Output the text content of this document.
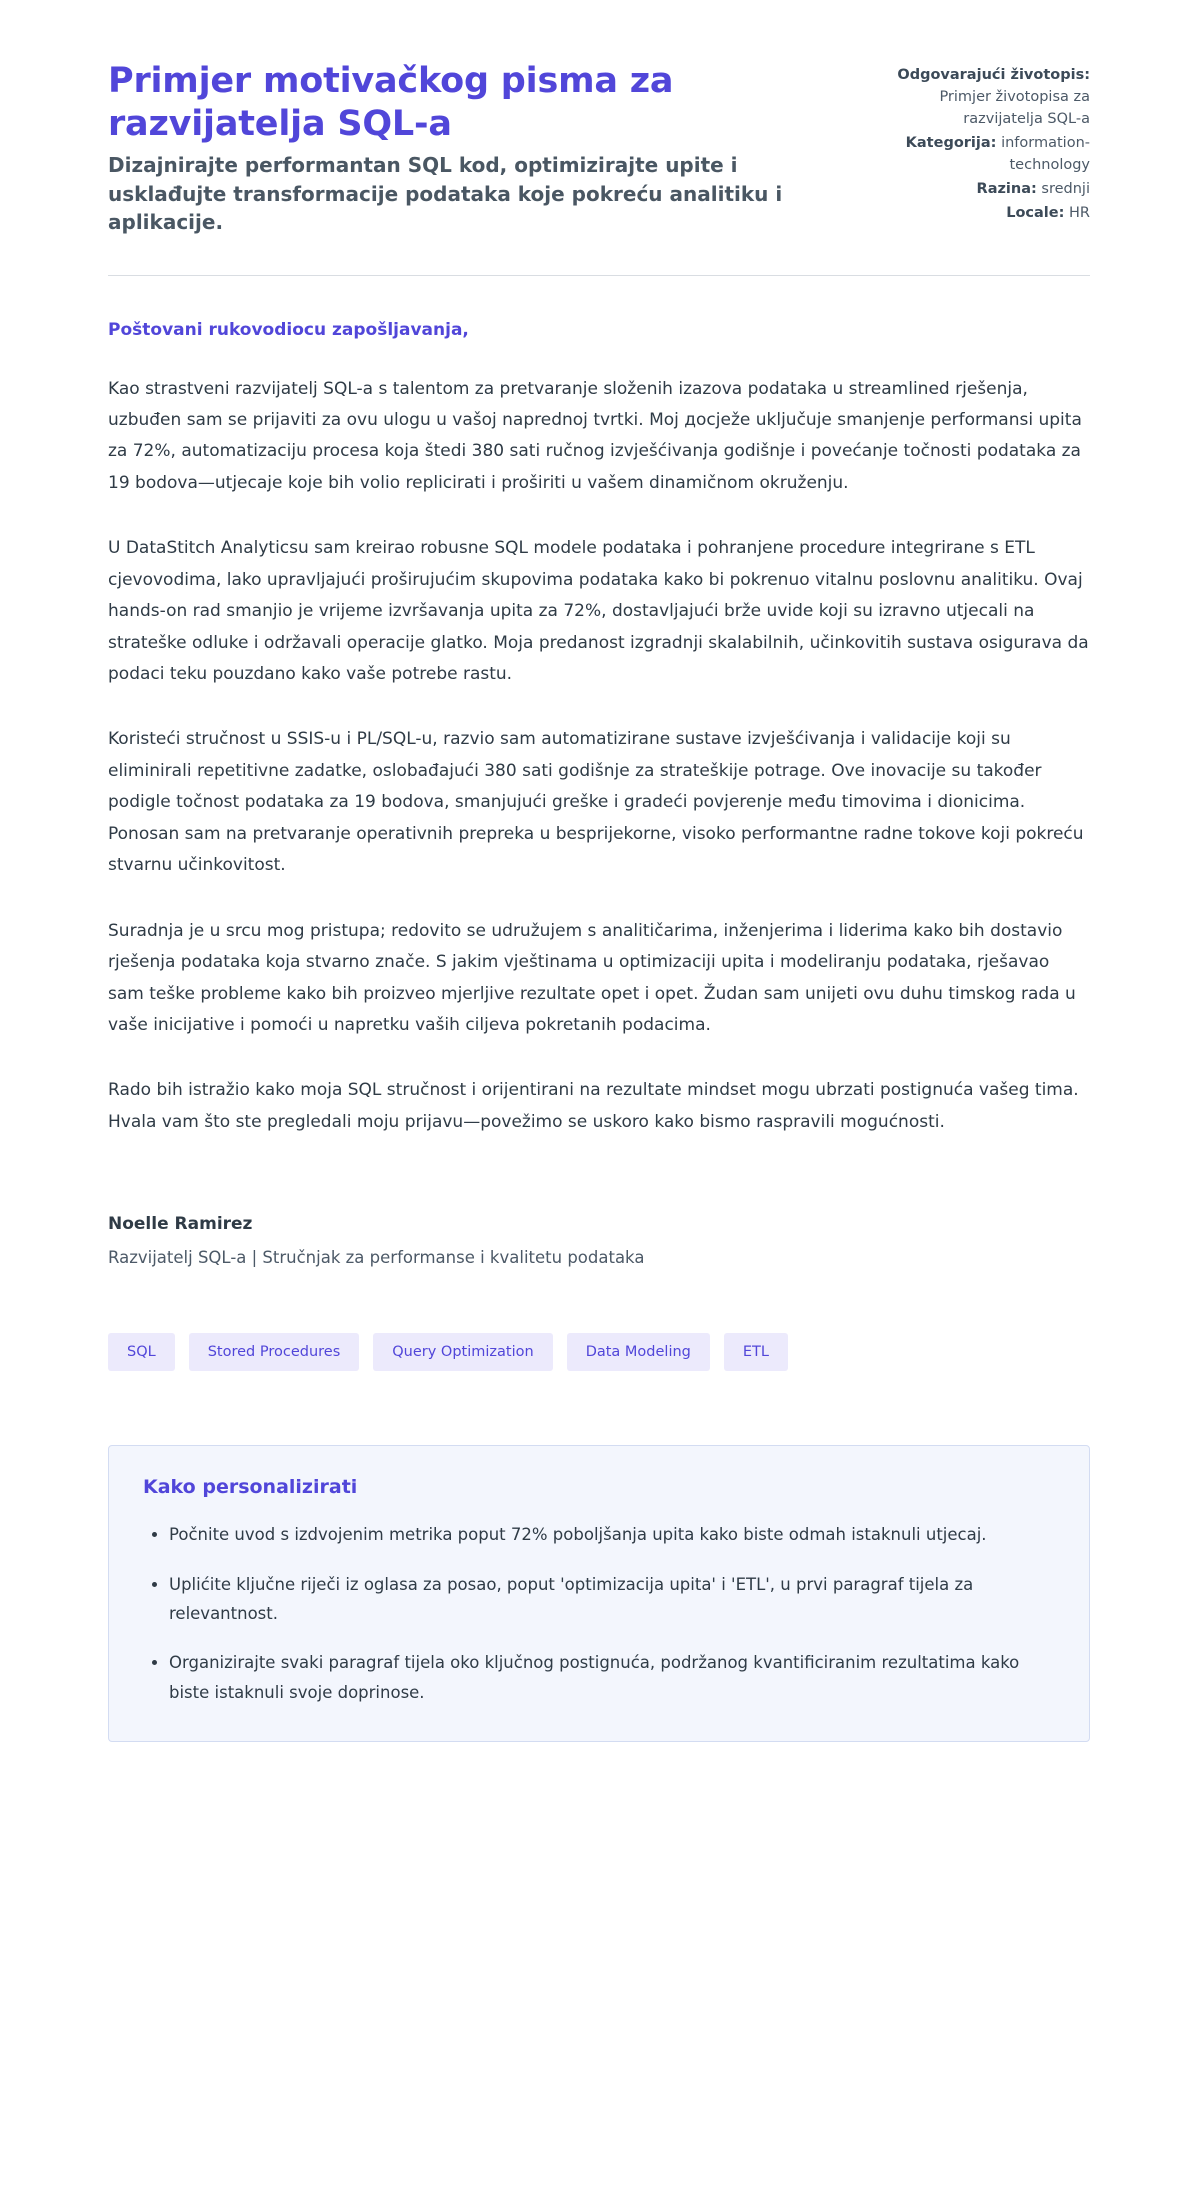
Primjer motivačkog pisma za razvijatelja SQL-a

Dizajnirajte performantan SQL kod, optimizirajte upite i usklađujte transformacije podataka koje pokreću analitiku i aplikacije.

Odgovarajući životopis: Primjer životopisa za razvijatelja SQL-a
Kategorija: information-technology
Razina: srednji
Locale: HR

Poštovani rukovodiocu zapošljavanja,

Kao strastveni razvijatelj SQL-a s talentom za pretvaranje složenih izazova podataka u streamlined rješenja, uzbuđen sam se prijaviti za ovu ulogu u vašoj naprednoj tvrtki. Moj досјеže uključuje smanjenje performansi upita za 72%, automatizaciju procesa koja štedi 380 sati ručnog izvješćivanja godišnje i povećanje točnosti podataka za 19 bodova—utjecaje koje bih volio replicirati i proširiti u vašem dinamičnom okruženju.

U DataStitch Analyticsu sam kreirao robusne SQL modele podataka i pohranjene procedure integrirane s ETL cjevovodima, lako upravljajući proširujućim skupovima podataka kako bi pokrenuo vitalnu poslovnu analitiku. Ovaj hands-on rad smanjio je vrijeme izvršavanja upita za 72%, dostavljajući brže uvide koji su izravno utjecali na strateške odluke i održavali operacije glatko. Moja predanost izgradnji skalabilnih, učinkovitih sustava osigurava da podaci teku pouzdano kako vaše potrebe rastu.

Koristeći stručnost u SSIS-u i PL/SQL-u, razvio sam automatizirane sustave izvješćivanja i validacije koji su eliminirali repetitivne zadatke, oslobađajući 380 sati godišnje za strateškije potrage. Ove inovacije su također podigle točnost podataka za 19 bodova, smanjujući greške i gradeći povjerenje među timovima i dionicima. Ponosan sam na pretvaranje operativnih prepreka u besprijekorne, visoko performantne radne tokove koji pokreću stvarnu učinkovitost.

Suradnja je u srcu mog pristupa; redovito se udružujem s analitičarima, inženjerima i liderima kako bih dostavio rješenja podataka koja stvarno znače. S jakim vještinama u optimizaciji upita i modeliranju podataka, rješavao sam teške probleme kako bih proizveo mjerljive rezultate opet i opet. Žudan sam unijeti ovu duhu timskog rada u vaše inicijative i pomoći u napretku vaših ciljeva pokretanih podacima.

Rado bih istražio kako moja SQL stručnost i orijentirani na rezultate mindset mogu ubrzati postignuća vašeg tima. Hvala vam što ste pregledali moju prijavu—povežimo se uskoro kako bismo raspravili mogućnosti.

Noelle Ramirez

Razvijatelj SQL-a | Stručnjak za performanse i kvalitetu podataka

SQL	Stored Procedures	Query Optimization	Data Modeling	ETL
Kako personalizirati
• Počnite uvod s izdvojenim metrika poput 72% poboljšanja upita kako biste odmah istaknuli utjecaj.
• Uplićite ključne riječi iz oglasa za posao, poput 'optimizacija upita' i 'ETL', u prvi paragraf tijela za relevantnost.
• Organizirajte svaki paragraf tijela oko ključnog postignuća, podržanog kvantificiranim rezultatima kako biste istaknuli svoje doprinose.
